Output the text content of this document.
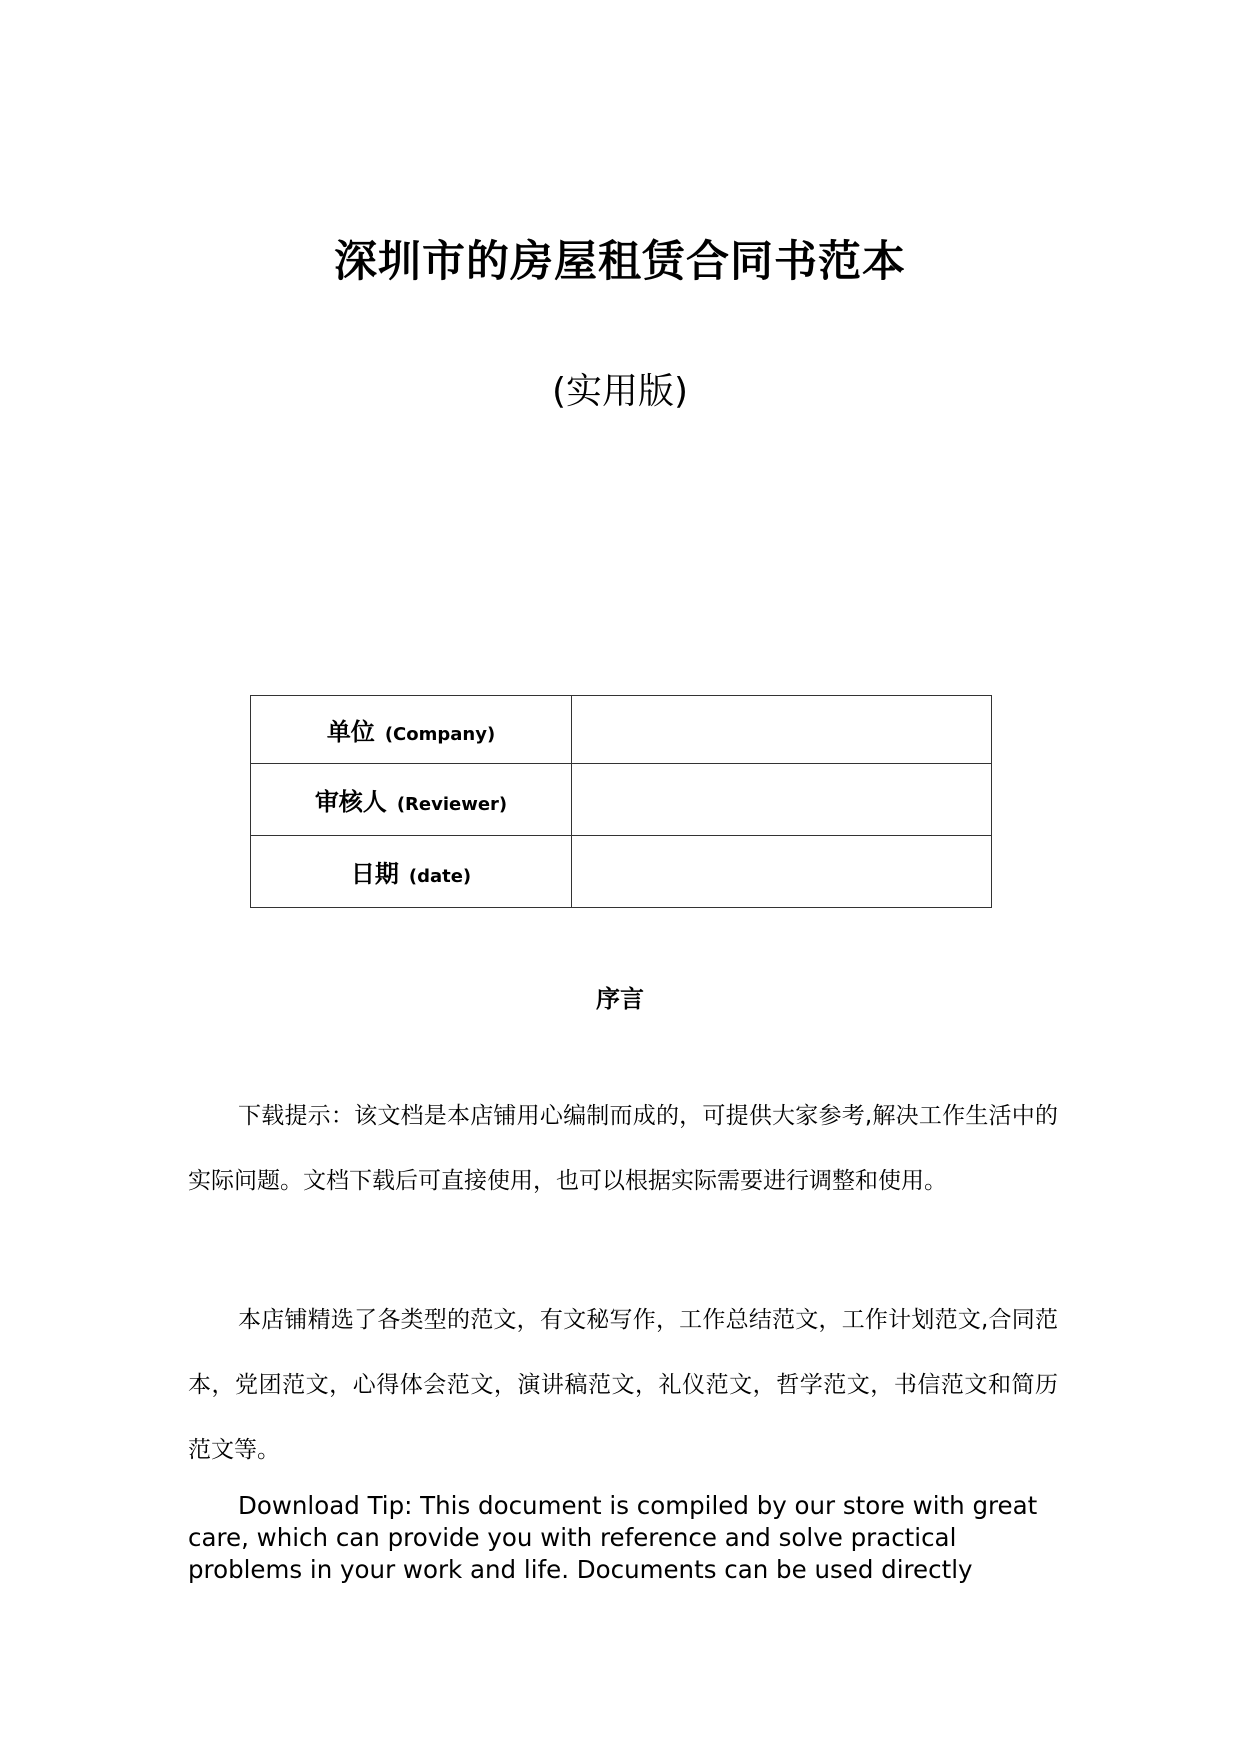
深圳市的房屋租赁合同书范本
(实用版)
单位 (Company)	
审核人 (Reviewer)	
日期 (date)	
序言

下载提示：该文档是本店铺用心编制而成的，可提供大家参考,解决工作生活中的实际问题。文档下载后可直接使用，也可以根据实际需要进行调整和使用。

本店铺精选了各类型的范文，有文秘写作，工作总结范文，工作计划范文,合同范本，党团范文，心得体会范文，演讲稿范文，礼仪范文，哲学范文，书信范文和简历范文等。

Download Tip: This document is compiled by our store with great care, which can provide you with reference and solve practical problems in your work and life. Documents can be used directly
